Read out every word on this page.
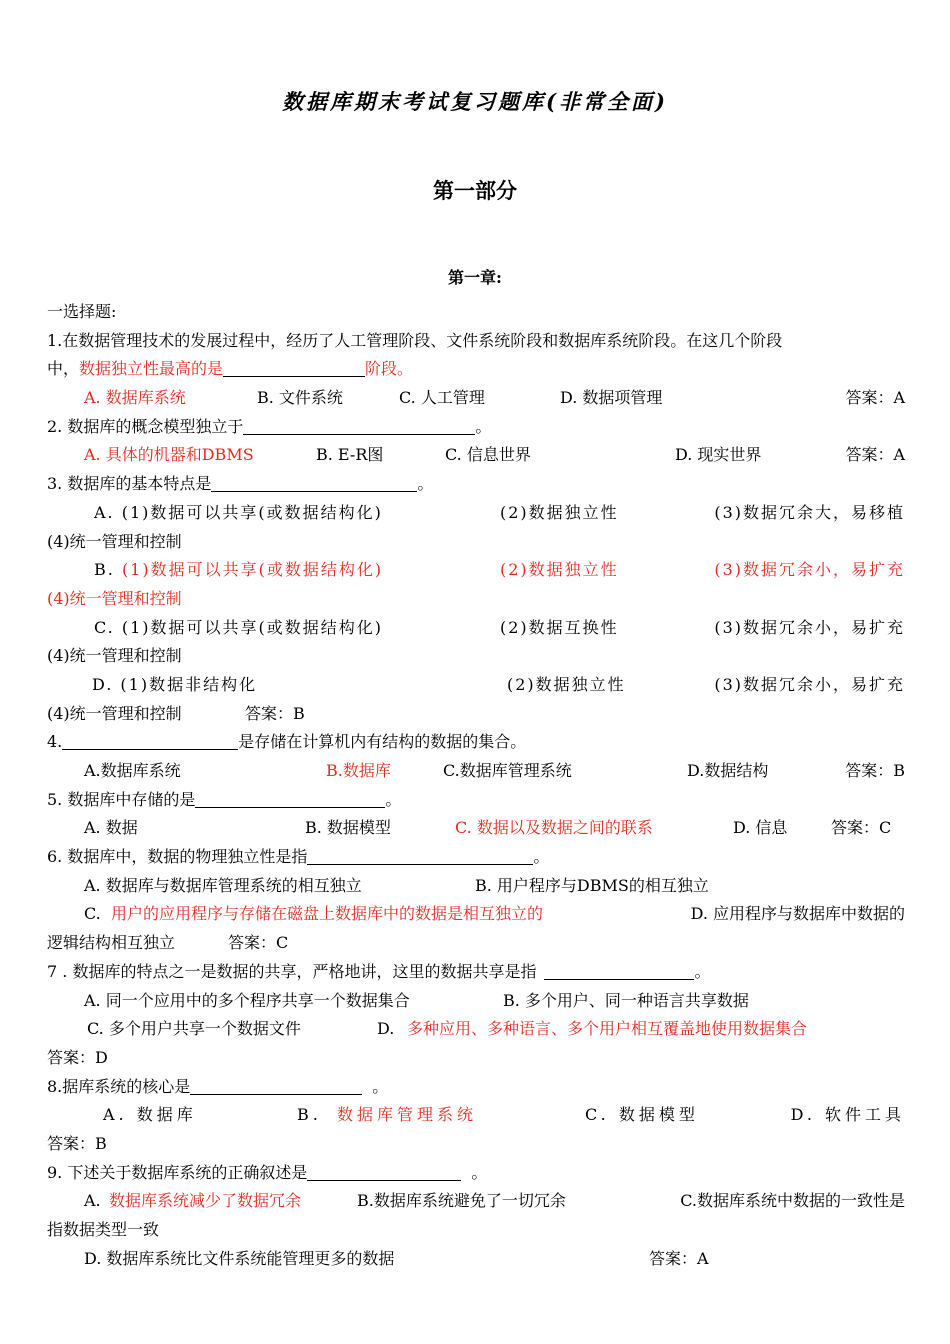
数据库期末考试复习题库(非常全面)
第一部分
第一章:
一选择题:
1.在数据管理技术的发展过程中，经历了人工管理阶段、文件系统阶段和数据库系统阶段。在这几个阶段
中，数据独立性最高的是	阶段。
A. 数据库系统	B. 文件系统	C. 人工管理	D. 数据项管理	答案：A
2. 数据库的概念模型独立于	。
A. 具体的机器和DBMS	B. E-R图	C. 信息世界	D. 现实世界	答案：A
3. 数据库的基本特点是	。
A. (1)数据可以共享(或数据结构化)	(2)数据独立性	(3)数据冗余大，易移植
(4)统一管理和控制
B. (1)数据可以共享(或数据结构化)	(2)数据独立性	(3)数据冗余小，易扩充
(4)统一管理和控制
C. (1)数据可以共享(或数据结构化)	(2)数据互换性	(3)数据冗余小，易扩充
(4)统一管理和控制
D. (1)数据非结构化	(2)数据独立性	(3)数据冗余小，易扩充
(4)统一管理和控制	答案：B
4.	是存储在计算机内有结构的数据的集合。
A.数据库系统	B.数据库	C.数据库管理系统	D.数据结构	答案：B
5. 数据库中存储的是	。
A. 数据	B. 数据模型	C. 数据以及数据之间的联系	D. 信息	答案：C
6. 数据库中，数据的物理独立性是指	。
A. 数据库与数据库管理系统的相互独立	B. 用户程序与DBMS的相互独立
C. 用户的应用程序与存储在磁盘上数据库中的数据是相互独立的	D. 应用程序与数据库中数据的
逻辑结构相互独立	答案：C
7 . 数据库的特点之一是数据的共享，严格地讲，这里的数据共享是指	。
A. 同一个应用中的多个程序共享一个数据集合	B. 多个用户、同一种语言共享数据
C. 多个用户共享一个数据文件	D. 多种应用、多种语言、多个用户相互覆盖地使用数据集合
答案：D
8.据库系统的核心是	。
A. 数据库	B. 数据库管理系统	C. 数据模型	D. 软件工具
答案：B
9. 下述关于数据库系统的正确叙述是	。
A. 数据库系统减少了数据冗余	B.数据库系统避免了一切冗余	C.数据库系统中数据的一致性是
指数据类型一致
D. 数据库系统比文件系统能管理更多的数据	答案：A
